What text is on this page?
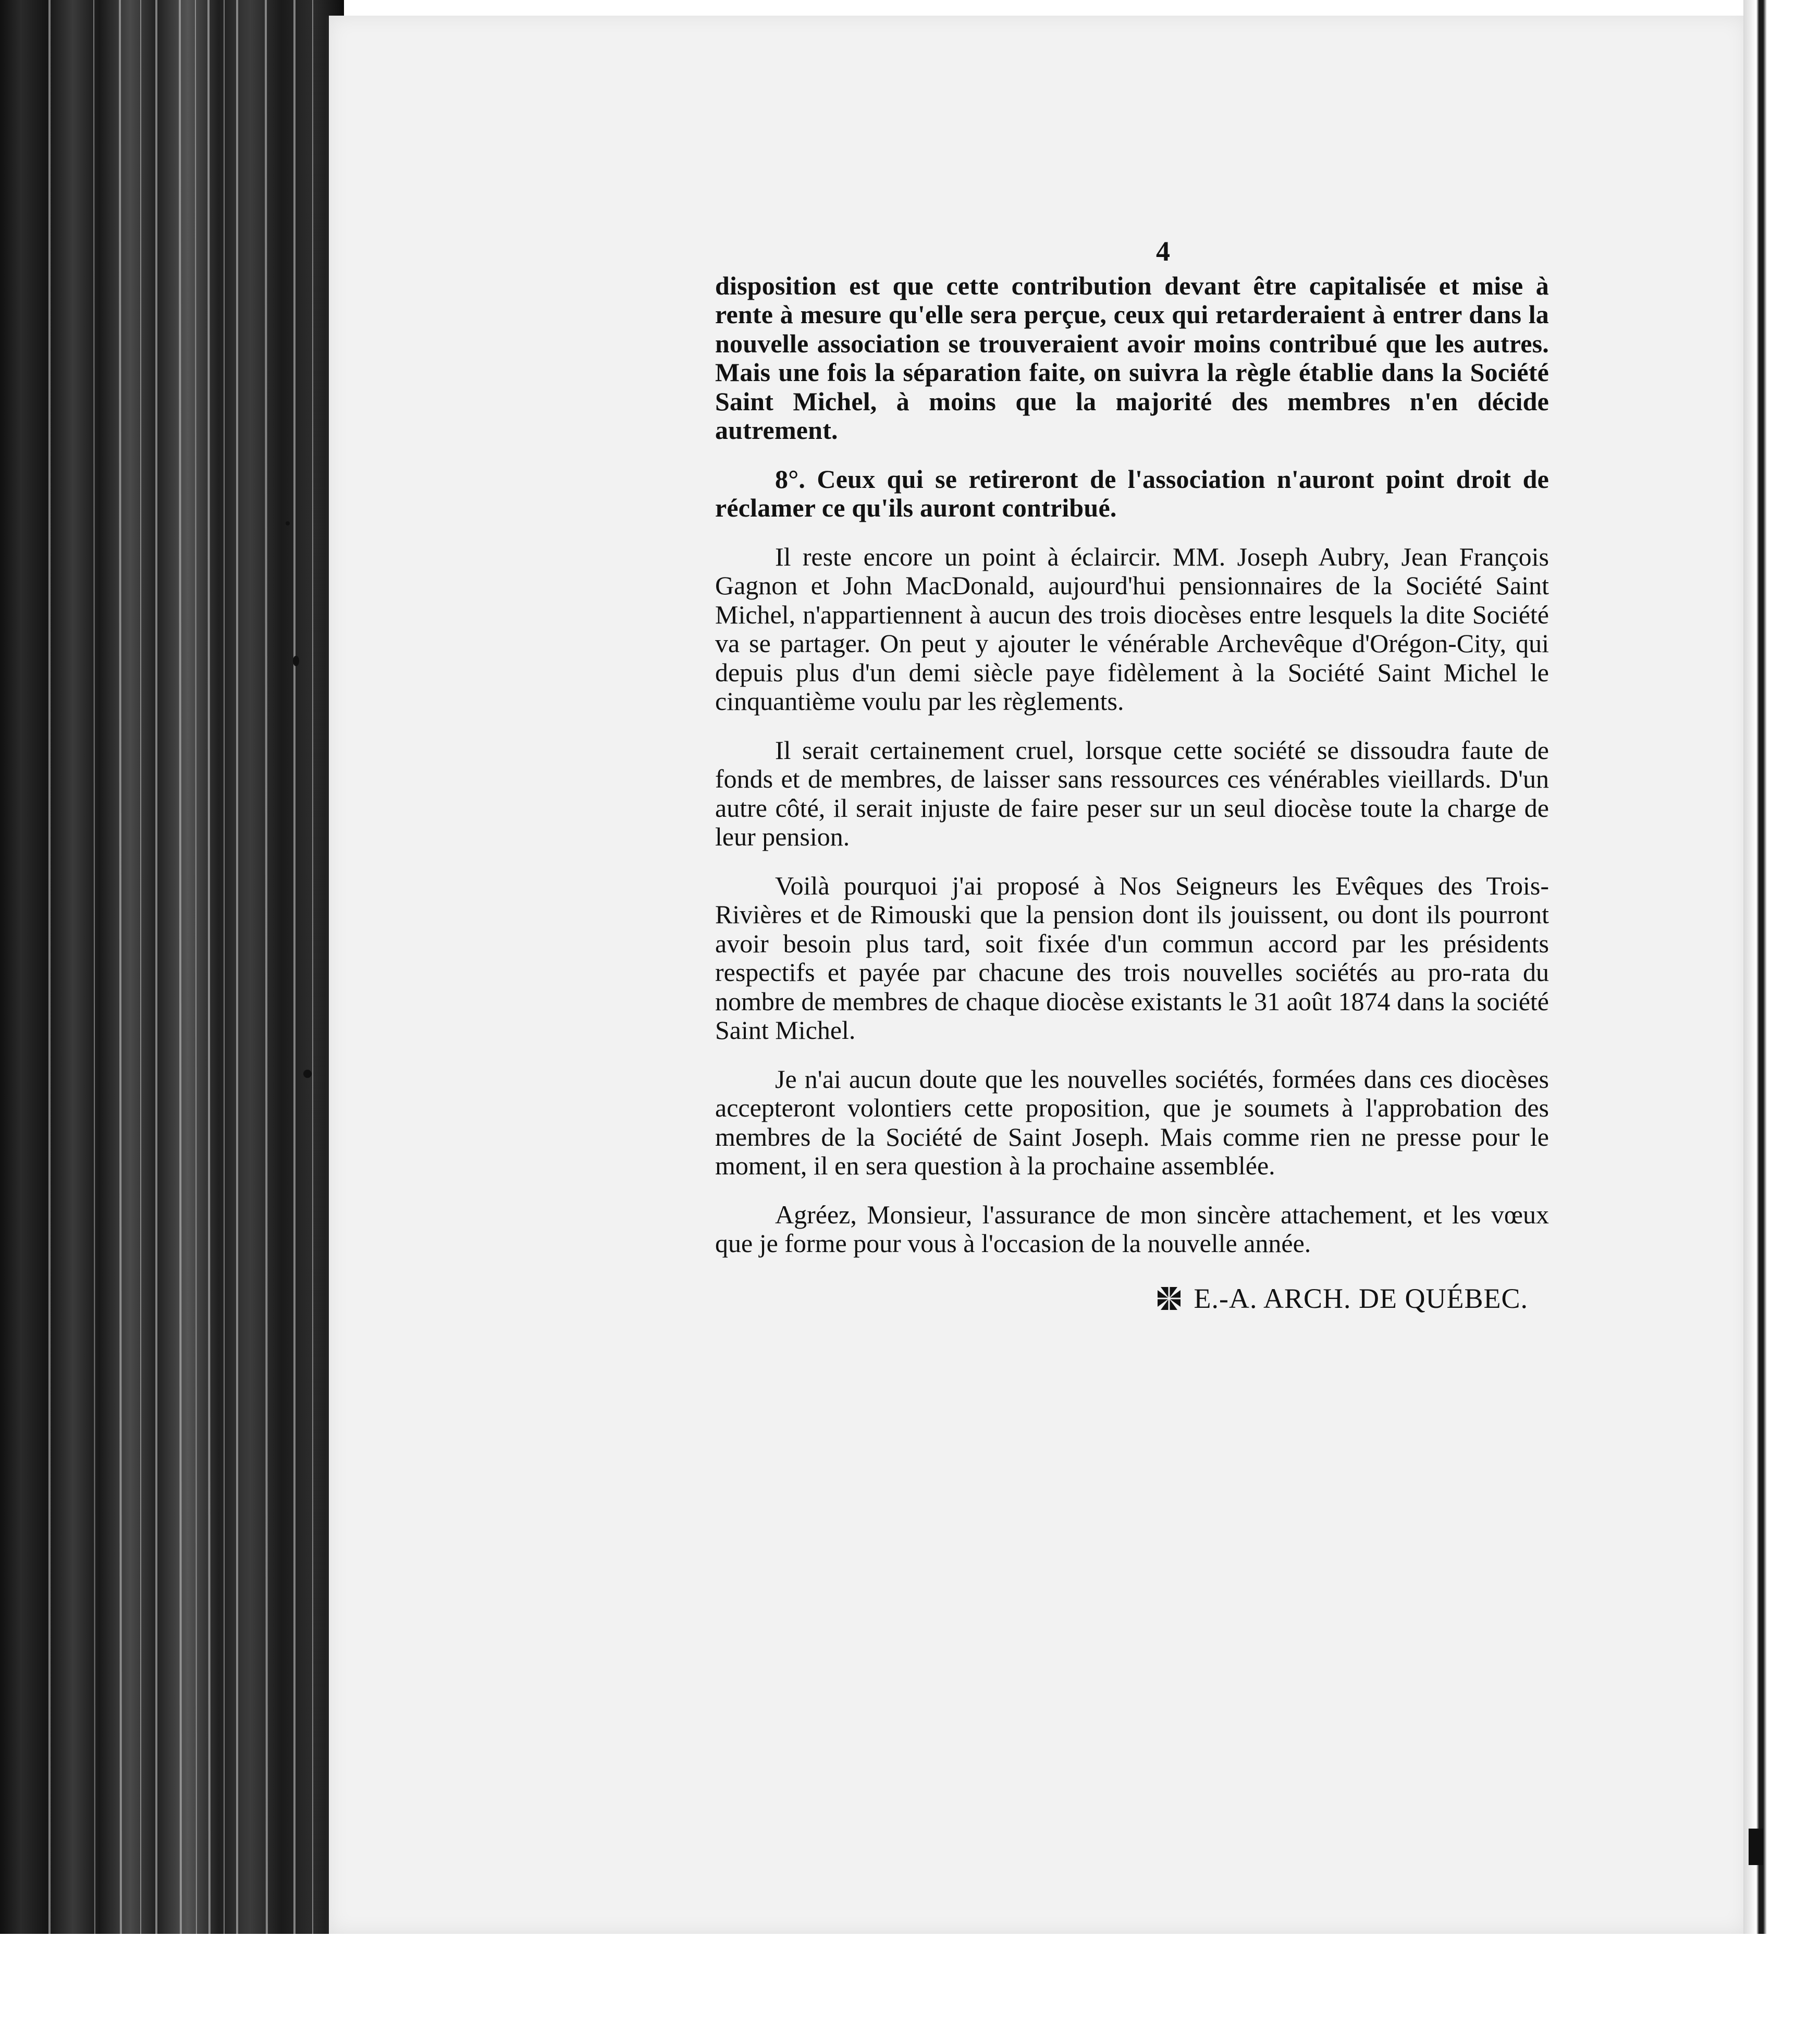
4

disposition est que cette contribution devant être capitalisée et mise à rente à mesure qu'elle sera perçue, ceux qui retarderaient à entrer dans la nouvelle association se trouveraient avoir moins contribué que les autres. Mais une fois la séparation faite, on suivra la règle établie dans la Société Saint Michel, à moins que la majorité des membres n'en décide autrement.

8°. Ceux qui se retireront de l'association n'auront point droit de réclamer ce qu'ils auront contribué.

Il reste encore un point à éclaircir. MM. Joseph Aubry, Jean François Gagnon et John MacDonald, aujourd'hui pensionnaires de la Société Saint Michel, n'appartiennent à aucun des trois diocèses entre lesquels la dite Société va se partager. On peut y ajouter le vénérable Archevêque d'Orégon-City, qui depuis plus d'un demi siècle paye fidèlement à la Société Saint Michel le cinquantième voulu par les règlements.

Il serait certainement cruel, lorsque cette société se dissoudra faute de fonds et de membres, de laisser sans ressources ces vénérables vieillards. D'un autre côté, il serait injuste de faire peser sur un seul diocèse toute la charge de leur pension.

Voilà pourquoi j'ai proposé à Nos Seigneurs les Evêques des Trois-Rivières et de Rimouski que la pension dont ils jouissent, ou dont ils pourront avoir besoin plus tard, soit fixée d'un commun accord par les présidents respectifs et payée par chacune des trois nouvelles sociétés au pro-rata du nombre de membres de chaque diocèse existants le 31 août 1874 dans la société Saint Michel.

Je n'ai aucun doute que les nouvelles sociétés, formées dans ces diocèses accepteront volontiers cette proposition, que je soumets à l'approbation des membres de la Société de Saint Joseph. Mais comme rien ne presse pour le moment, il en sera question à la prochaine assemblée.

Agréez, Monsieur, l'assurance de mon sincère attachement, et les vœux que je forme pour vous à l'occasion de la nouvelle année.

E.-A. ARCH. DE QUÉBEC.
